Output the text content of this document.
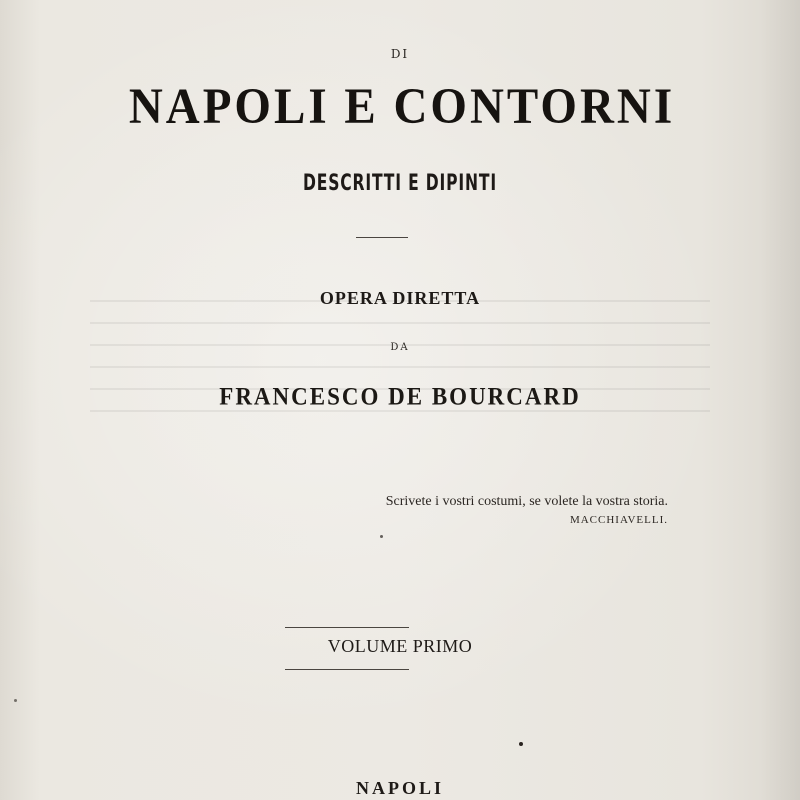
DI
NAPOLI E CONTORNI
DESCRITTI E DIPINTI
OPERA DIRETTA
DA
FRANCESCO DE BOURCARD
Scrivete i vostri costumi, se volete la vostra storia.
MACCHIAVELLI.
VOLUME PRIMO
NAPOLI
